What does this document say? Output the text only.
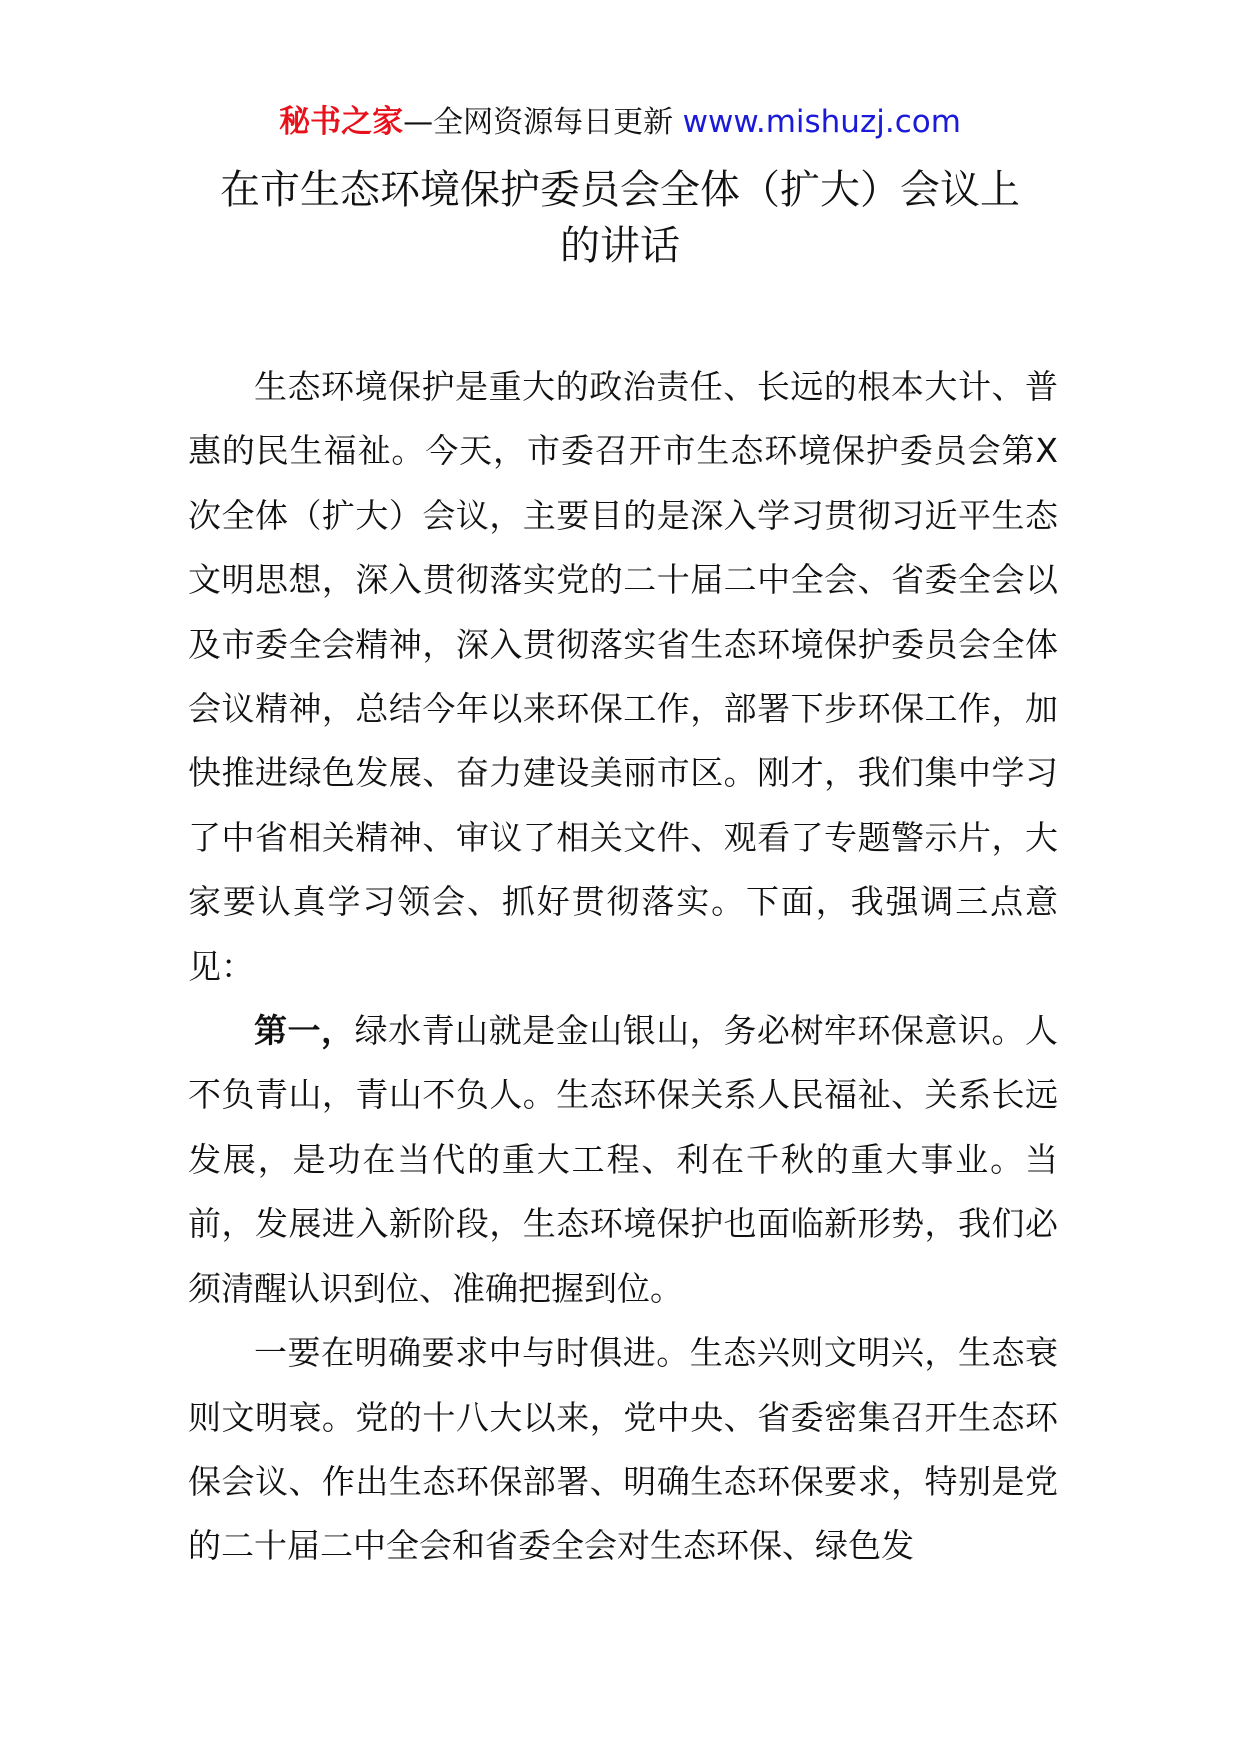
秘书之家—全网资源每日更新 www.mishuzj.com
在市生态环境保护委员会全体（扩大）会议上
的讲话

生态环境保护是重大的政治责任、长远的根本大计、普惠的民生福祉。今天，市委召开市生态环境保护委员会第X次全体（扩大）会议，主要目的是深入学习贯彻习近平生态文明思想，深入贯彻落实党的二十届二中全会、省委全会以及市委全会精神，深入贯彻落实省生态环境保护委员会全体会议精神，总结今年以来环保工作，部署下步环保工作，加快推进绿色发展、奋力建设美丽市区。刚才，我们集中学习了中省相关精神、审议了相关文件、观看了专题警示片，大家要认真学习领会、抓好贯彻落实。下面，我强调三点意见：

第一，绿水青山就是金山银山，务必树牢环保意识。人不负青山，青山不负人。生态环保关系人民福祉、关系长远发展，是功在当代的重大工程、利在千秋的重大事业。当前，发展进入新阶段，生态环境保护也面临新形势，我们必须清醒认识到位、准确把握到位。

一要在明确要求中与时俱进。生态兴则文明兴，生态衰则文明衰。党的十八大以来，党中央、省委密集召开生态环保会议、作出生态环保部署、明确生态环保要求，特别是党的二十届二中全会和省委全会对生态环保、绿色发
